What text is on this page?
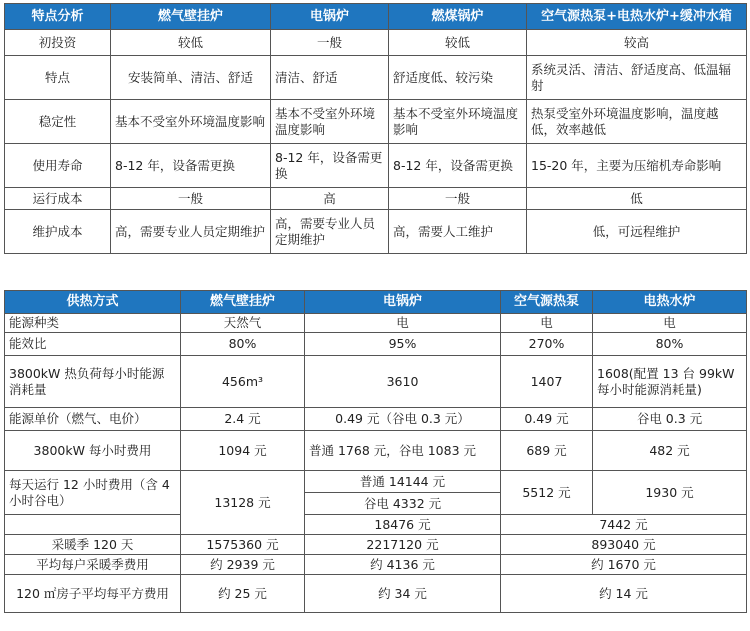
特点分析	燃气壁挂炉	电锅炉	燃煤锅炉	空气源热泵+电热水炉+缓冲水箱
初投资	较低	一般	较低	较高
特点	安装简单、清洁、舒适	清洁、舒适	舒适度低、较污染	系统灵活、清洁、舒适度高、低温辐射
稳定性	基本不受室外环境温度影响	基本不受室外环境温度影响	基本不受室外环境温度影响	热泵受室外环境温度影响，温度越低，效率越低
使用寿命	8-12 年，设备需更换	8-12 年，设备需更换	8-12 年，设备需更换	15-20 年，主要为压缩机寿命影响
运行成本	一般	高	一般	低
维护成本	高，需要专业人员定期维护	高，需要专业人员定期维护	高，需要人工维护	低，可远程维护
供热方式	燃气壁挂炉	电锅炉	空气源热泵	电热水炉
能源种类	天然气	电	电	电
能效比	80%	95%	270%	80%
3800kW 热负荷每小时能源消耗量	456m³	3610	1407	1608(配置 13 台 99kW 每小时能源消耗量)
能源单价（燃气、电价）	2.4 元	0.49 元（谷电 0.3 元）	0.49 元	谷电 0.3 元
3800kW 每小时费用	1094 元	普通 1768 元，谷电 1083 元	689 元	482 元
每天运行 12 小时费用（含 4 小时谷电）	13128 元	普通 14144 元	5512 元	1930 元
		谷电 4332 元		
		18476 元	7442 元	
采暖季 120 天	1575360 元	2217120 元	893040 元	
平均每户采暖季费用	约 2939 元	约 4136 元	约 1670 元	
120 ㎡房子平均每平方费用	约 25 元	约 34 元	约 14 元	
